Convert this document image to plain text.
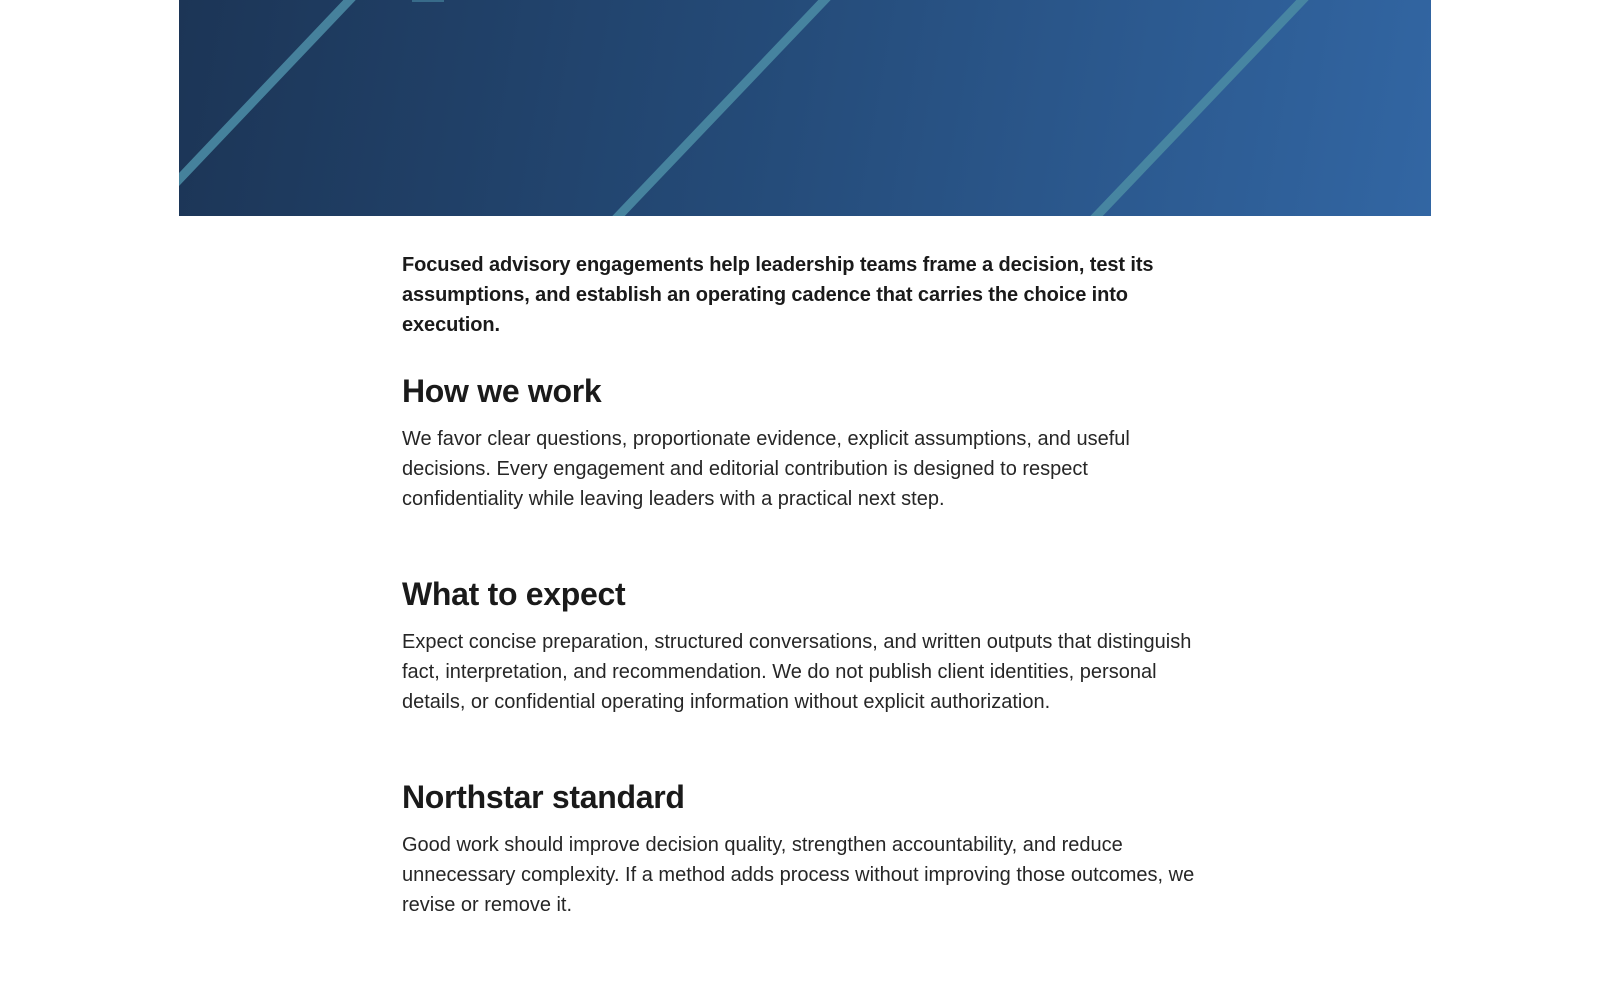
Focused advisory engagements help leadership teams frame a decision, test its assumptions, and establish an operating cadence that carries the choice into execution.

How we work

We favor clear questions, proportionate evidence, explicit assumptions, and useful decisions. Every engagement and editorial contribution is designed to respect confidentiality while leaving leaders with a practical next step.

What to expect

Expect concise preparation, structured conversations, and written outputs that distinguish fact, interpretation, and recommendation. We do not publish client identities, personal details, or confidential operating information without explicit authorization.

Northstar standard

Good work should improve decision quality, strengthen accountability, and reduce unnecessary complexity. If a method adds process without improving those outcomes, we revise or remove it.
